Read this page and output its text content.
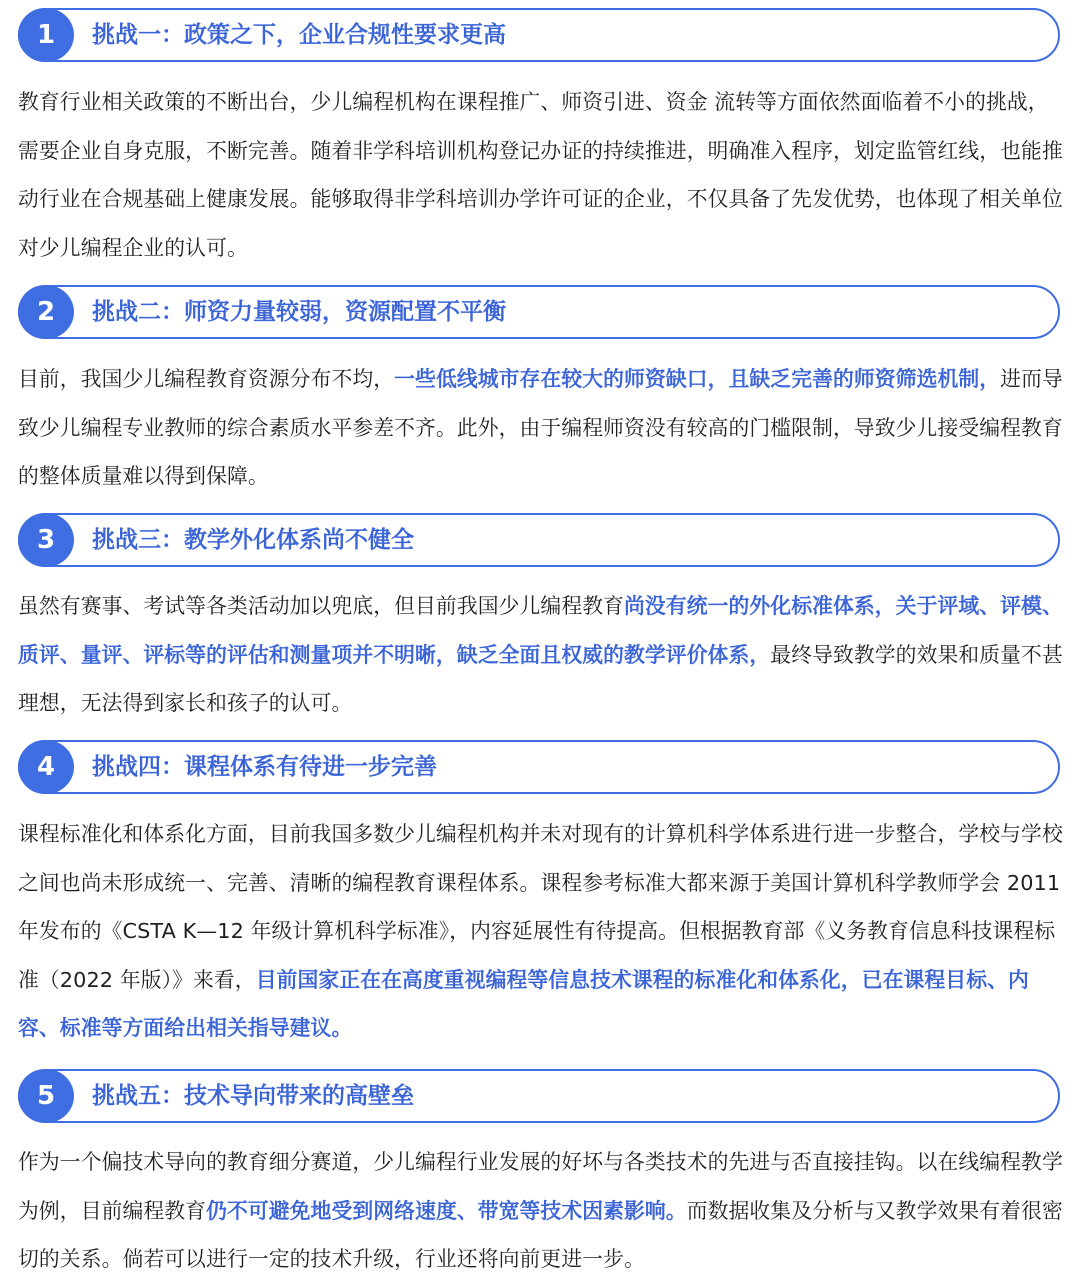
1	挑战一：政策之下，企业合规性要求更高
教育行业相关政策的不断出台，少儿编程机构在课程推广、师资引进、资金 流转等方面依然面临着不小的挑战，需要企业自身克服，不断完善。随着非学科培训机构登记办证的持续推进，明确准入程序，划定监管红线，也能推动行业在合规基础上健康发展。能够取得非学科培训办学许可证的企业，不仅具备了先发优势，也体现了相关单位对少儿编程企业的认可。
2	挑战二：师资力量较弱，资源配置不平衡
目前，我国少儿编程教育资源分布不均，一些低线城市存在较大的师资缺口，且缺乏完善的师资筛选机制，进而导致少儿编程专业教师的综合素质水平参差不齐。此外，由于编程师资没有较高的门槛限制，导致少儿接受编程教育的整体质量难以得到保障。
3	挑战三：教学外化体系尚不健全
虽然有赛事、考试等各类活动加以兜底，但目前我国少儿编程教育尚没有统一的外化标准体系，关于评域、评模、质评、量评、评标等的评估和测量项并不明晰，缺乏全面且权威的教学评价体系，最终导致教学的效果和质量不甚理想，无法得到家长和孩子的认可。
4	挑战四：课程体系有待进一步完善
课程标准化和体系化方面，目前我国多数少儿编程机构并未对现有的计算机科学体系进行进一步整合，学校与学校之间也尚未形成统一、完善、清晰的编程教育课程体系。课程参考标准大都来源于美国计算机科学教师学会 2011 年发布的《CSTA K—12 年级计算机科学标准》，内容延展性有待提高。但根据教育部《义务教育信息科技课程标准（2022 年版）》来看，目前国家正在在高度重视编程等信息技术课程的标准化和体系化，已在课程目标、内容、标准等方面给出相关指导建议。
5	挑战五：技术导向带来的高壁垒
作为一个偏技术导向的教育细分赛道，少儿编程行业发展的好坏与各类技术的先进与否直接挂钩。以在线编程教学为例，目前编程教育仍不可避免地受到网络速度、带宽等技术因素影响。而数据收集及分析与又教学效果有着很密切的关系。倘若可以进行一定的技术升级，行业还将向前更进一步。
